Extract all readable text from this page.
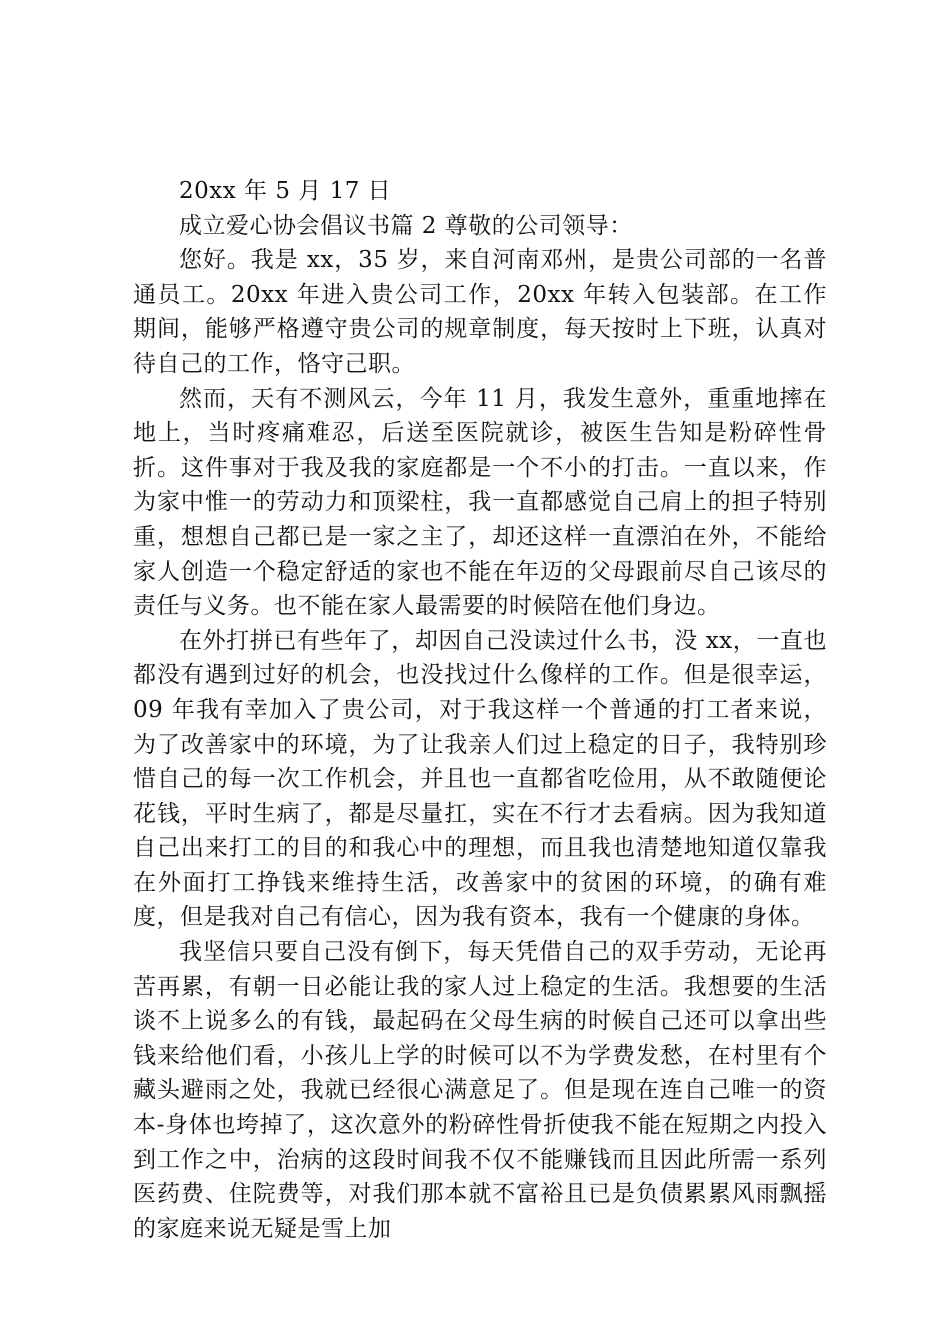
20xx 年 5 月 17 日

成立爱心协会倡议书篇 2 尊敬的公司领导：

您好。我是 xx，35 岁，来自河南邓州，是贵公司部的一名普通员工。20xx 年进入贵公司工作，20xx 年转入包装部。在工作期间，能够严格遵守贵公司的规章制度，每天按时上下班，认真对待自己的工作，恪守己职。

然而，天有不测风云，今年 11 月，我发生意外，重重地摔在地上，当时疼痛难忍，后送至医院就诊，被医生告知是粉碎性骨折。这件事对于我及我的家庭都是一个不小的打击。一直以来，作为家中惟一的劳动力和顶梁柱，我一直都感觉自己肩上的担子特别重，想想自己都已是一家之主了，却还这样一直漂泊在外，不能给家人创造一个稳定舒适的家也不能在年迈的父母跟前尽自己该尽的责任与义务。也不能在家人最需要的时候陪在他们身边。

在外打拼已有些年了，却因自己没读过什么书，没 xx，一直也都没有遇到过好的机会，也没找过什么像样的工作。但是很幸运，09 年我有幸加入了贵公司，对于我这样一个普通的打工者来说，为了改善家中的环境，为了让我亲人们过上稳定的日子，我特别珍惜自己的每一次工作机会，并且也一直都省吃俭用，从不敢随便论花钱，平时生病了，都是尽量扛，实在不行才去看病。因为我知道自己出来打工的目的和我心中的理想，而且我也清楚地知道仅靠我在外面打工挣钱来维持生活，改善家中的贫困的环境，的确有难度，但是我对自己有信心，因为我有资本，我有一个健康的身体。

我坚信只要自己没有倒下，每天凭借自己的双手劳动，无论再苦再累，有朝一日必能让我的家人过上稳定的生活。我想要的生活谈不上说多么的有钱，最起码在父母生病的时候自己还可以拿出些钱来给他们看，小孩儿上学的时候可以不为学费发愁，在村里有个藏头避雨之处，我就已经很心满意足了。但是现在连自己唯一的资本-身体也垮掉了，这次意外的粉碎性骨折使我不能在短期之内投入到工作之中，治病的这段时间我不仅不能赚钱而且因此所需一系列医药费、住院费等，对我们那本就不富裕且已是负债累累风雨飘摇的家庭来说无疑是雪上加
